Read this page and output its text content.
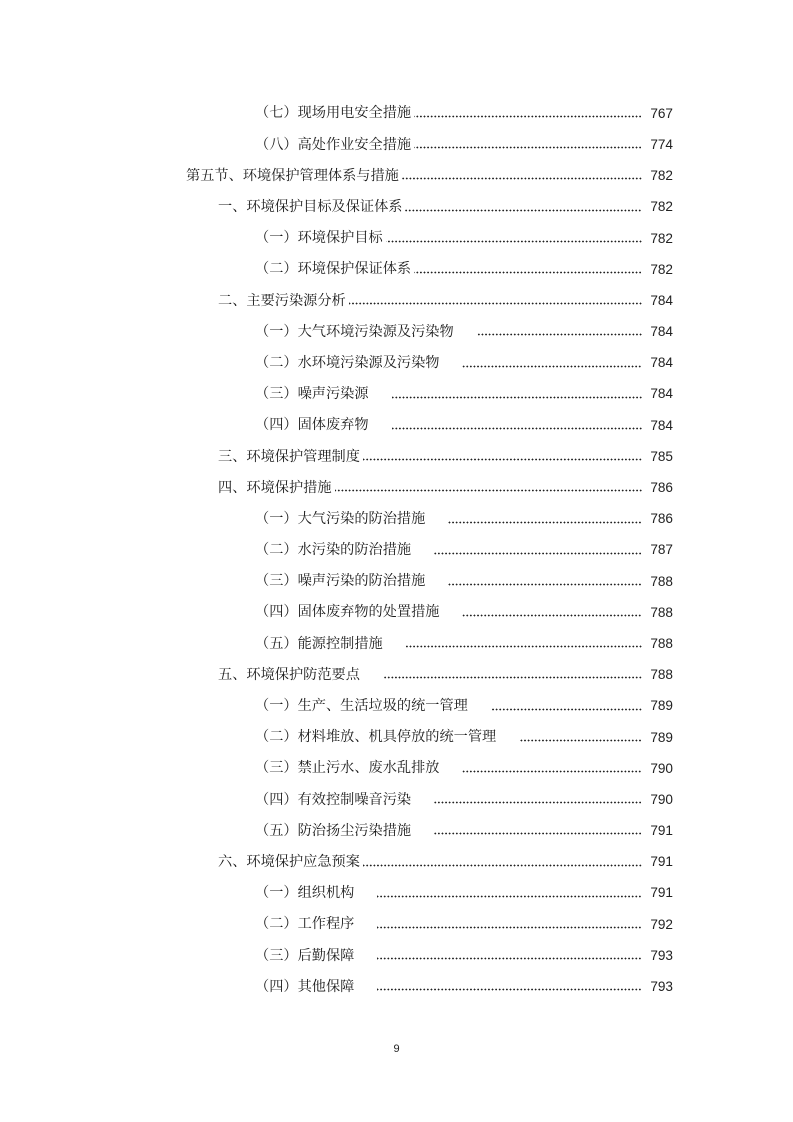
（七）现场用电安全措施	767
（八）高处作业安全措施	774
第五节、环境保护管理体系与措施	782
一、环境保护目标及保证体系	782
（一）环境保护目标	782
（二）环境保护保证体系	782
二、主要污染源分析	784
（一）大气环境污染源及污染物	784
（二）水环境污染源及污染物	784
（三）噪声污染源	784
（四）固体废弃物	784
三、环境保护管理制度	785
四、环境保护措施	786
（一）大气污染的防治措施	786
（二）水污染的防治措施	787
（三）噪声污染的防治措施	788
（四）固体废弃物的处置措施	788
（五）能源控制措施	788
五、环境保护防范要点	788
（一）生产、生活垃圾的统一管理	789
（二）材料堆放、机具停放的统一管理	789
（三）禁止污水、废水乱排放	790
（四）有效控制噪音污染	790
（五）防治扬尘污染措施	791
六、环境保护应急预案	791
（一）组织机构	791
（二）工作程序	792
（三）后勤保障	793
（四）其他保障	793
9
